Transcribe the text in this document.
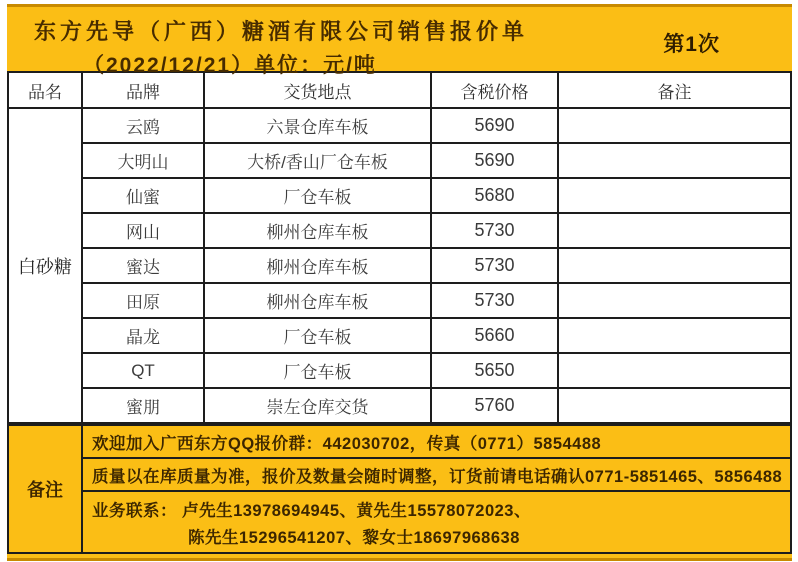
东方先导（广西）糖酒有限公司销售报价单
（2022/12/21）单位：元/吨
第1次
品名	品牌	交货地点	含税价格	备注
白砂糖	云鸥	六景仓库车板	5690	
	大明山	大桥/香山厂仓车板	5690	
	仙蜜	厂仓车板	5680	
	网山	柳州仓库车板	5730	
	蜜达	柳州仓库车板	5730	
	田原	柳州仓库车板	5730	
	晶龙	厂仓车板	5660	
	QT	厂仓车板	5650	
	蜜朋	崇左仓库交货	5760	
备注	欢迎加入广西东方QQ报价群：442030702，传真（0771）5854488
质量以在库质量为准，报价及数量会随时调整，订货前请电话确认0771-5851465、5856488

业务联系： 卢先生13978694945、黄先生15578072023、
陈先生15296541207、黎女士18697968638
